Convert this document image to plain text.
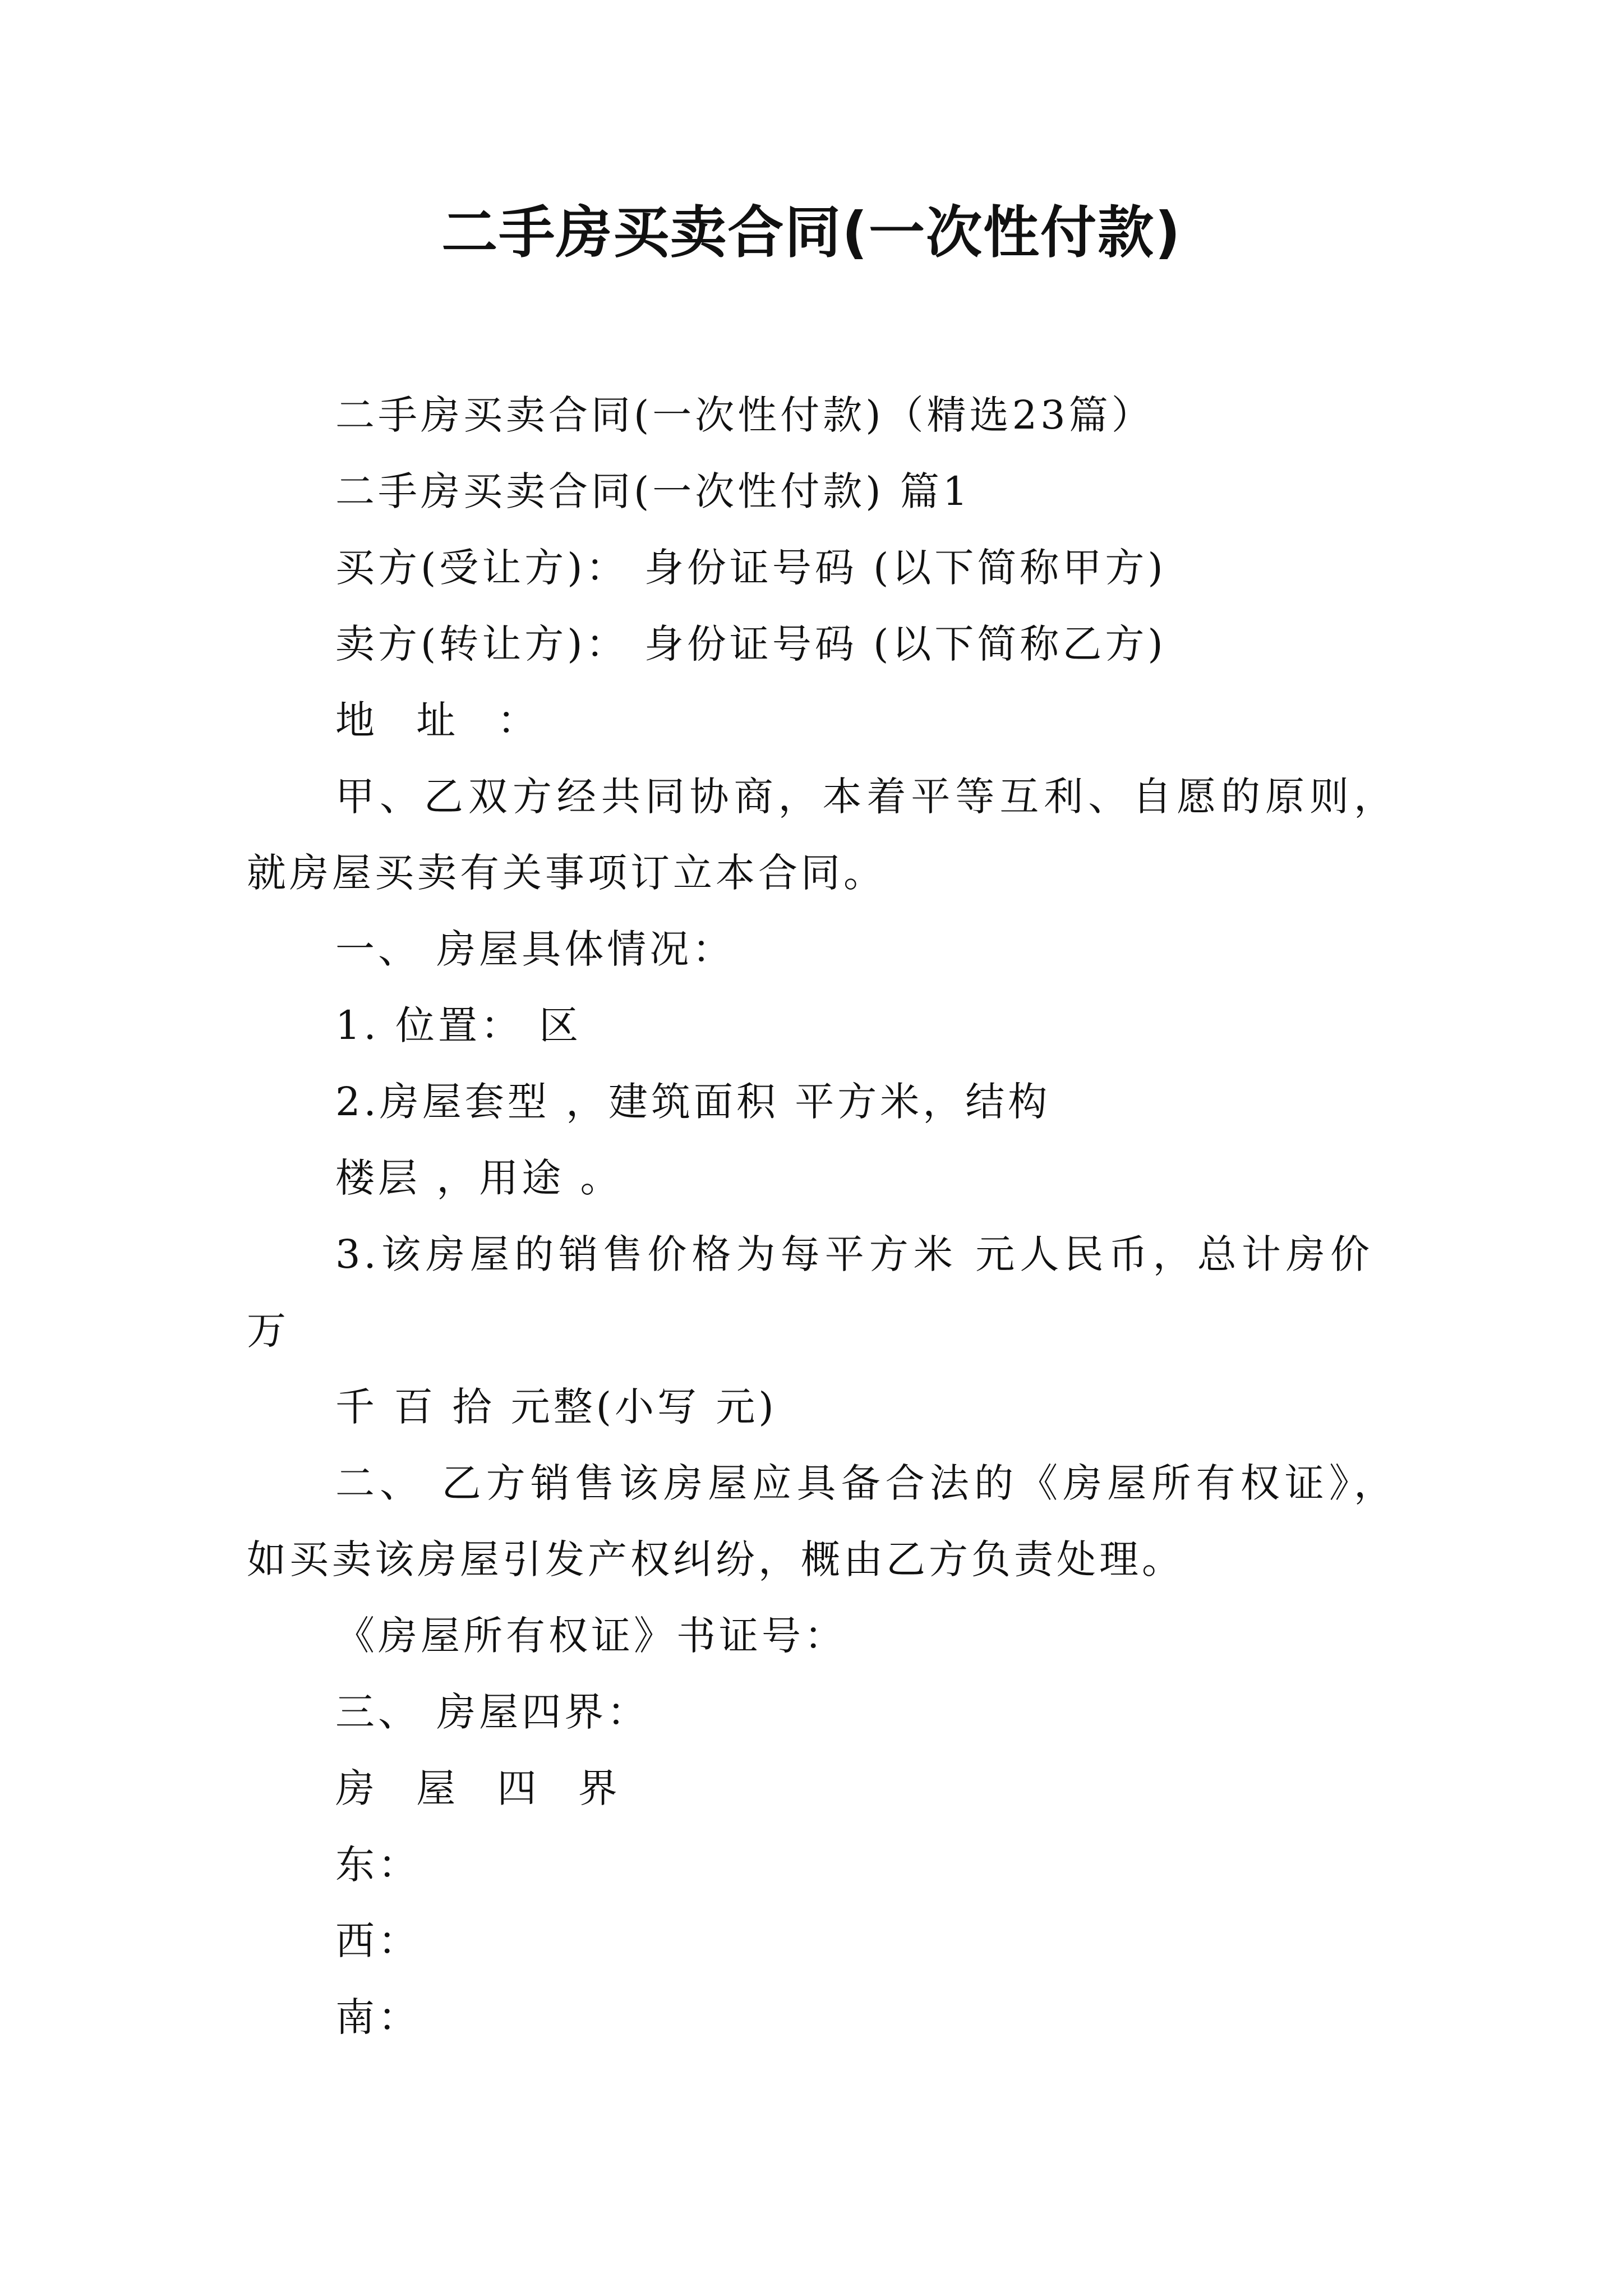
二手房买卖合同(一次性付款)
二手房买卖合同(一次性付款)（精选23篇）
二手房买卖合同(一次性付款) 篇1
买方(受让方)： 身份证号码 (以下简称甲方)
卖方(转让方)： 身份证号码 (以下简称乙方)
地 址 ：
甲、乙双方经共同协商，本着平等互利、自愿的原则，
就房屋买卖有关事项订立本合同。
一、 房屋具体情况：
1. 位置： 区
2.房屋套型 ，建筑面积 平方米，结构
楼层 ，用途 。
3.该房屋的销售价格为每平方米 元人民币，总计房价
万
千 百 拾 元整(小写 元)
二、 乙方销售该房屋应具备合法的《房屋所有权证》，
如买卖该房屋引发产权纠纷，概由乙方负责处理。
《房屋所有权证》书证号：
三、 房屋四界：
房 屋 四 界
东：
西：
南：
